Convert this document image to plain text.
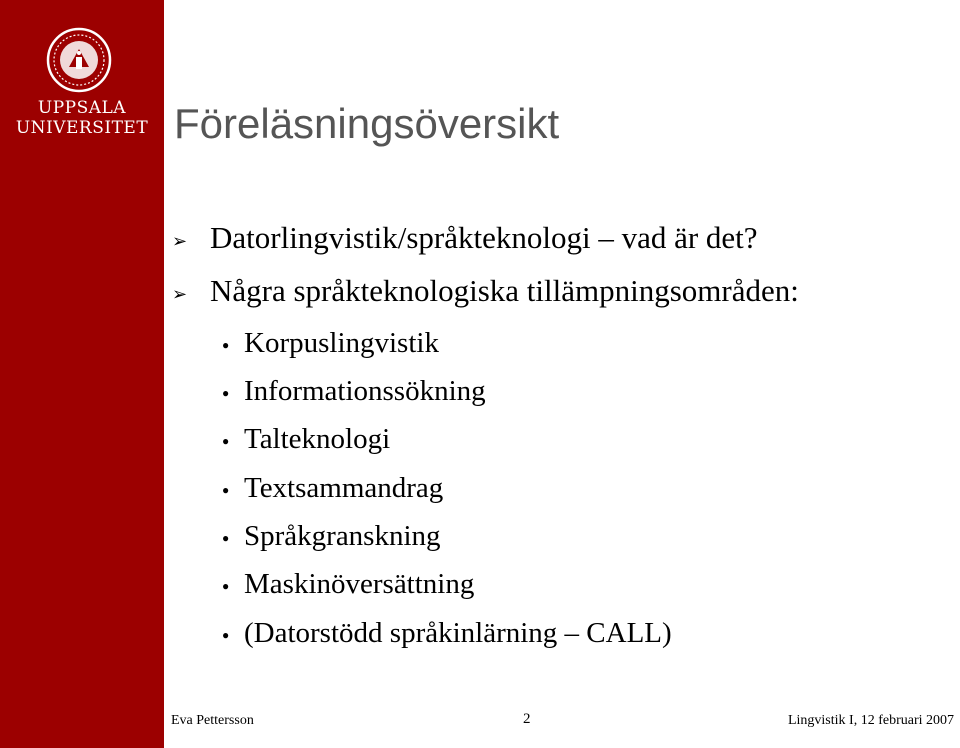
UPPSALA
UNIVERSITET Föreläsningsöversikt
➢ Datorlingvistik/språkteknologi – vad är det?
➢ Några språkteknologiska tillämpningsområden:
● Korpuslingvistik
● Informationssökning
● Talteknologi
● Textsammandrag
● Språkgranskning
● Maskinöversättning
● (Datorstödd språkinlärning – CALL)
Eva Pettersson	2	Lingvistik I, 12 februari 2007
